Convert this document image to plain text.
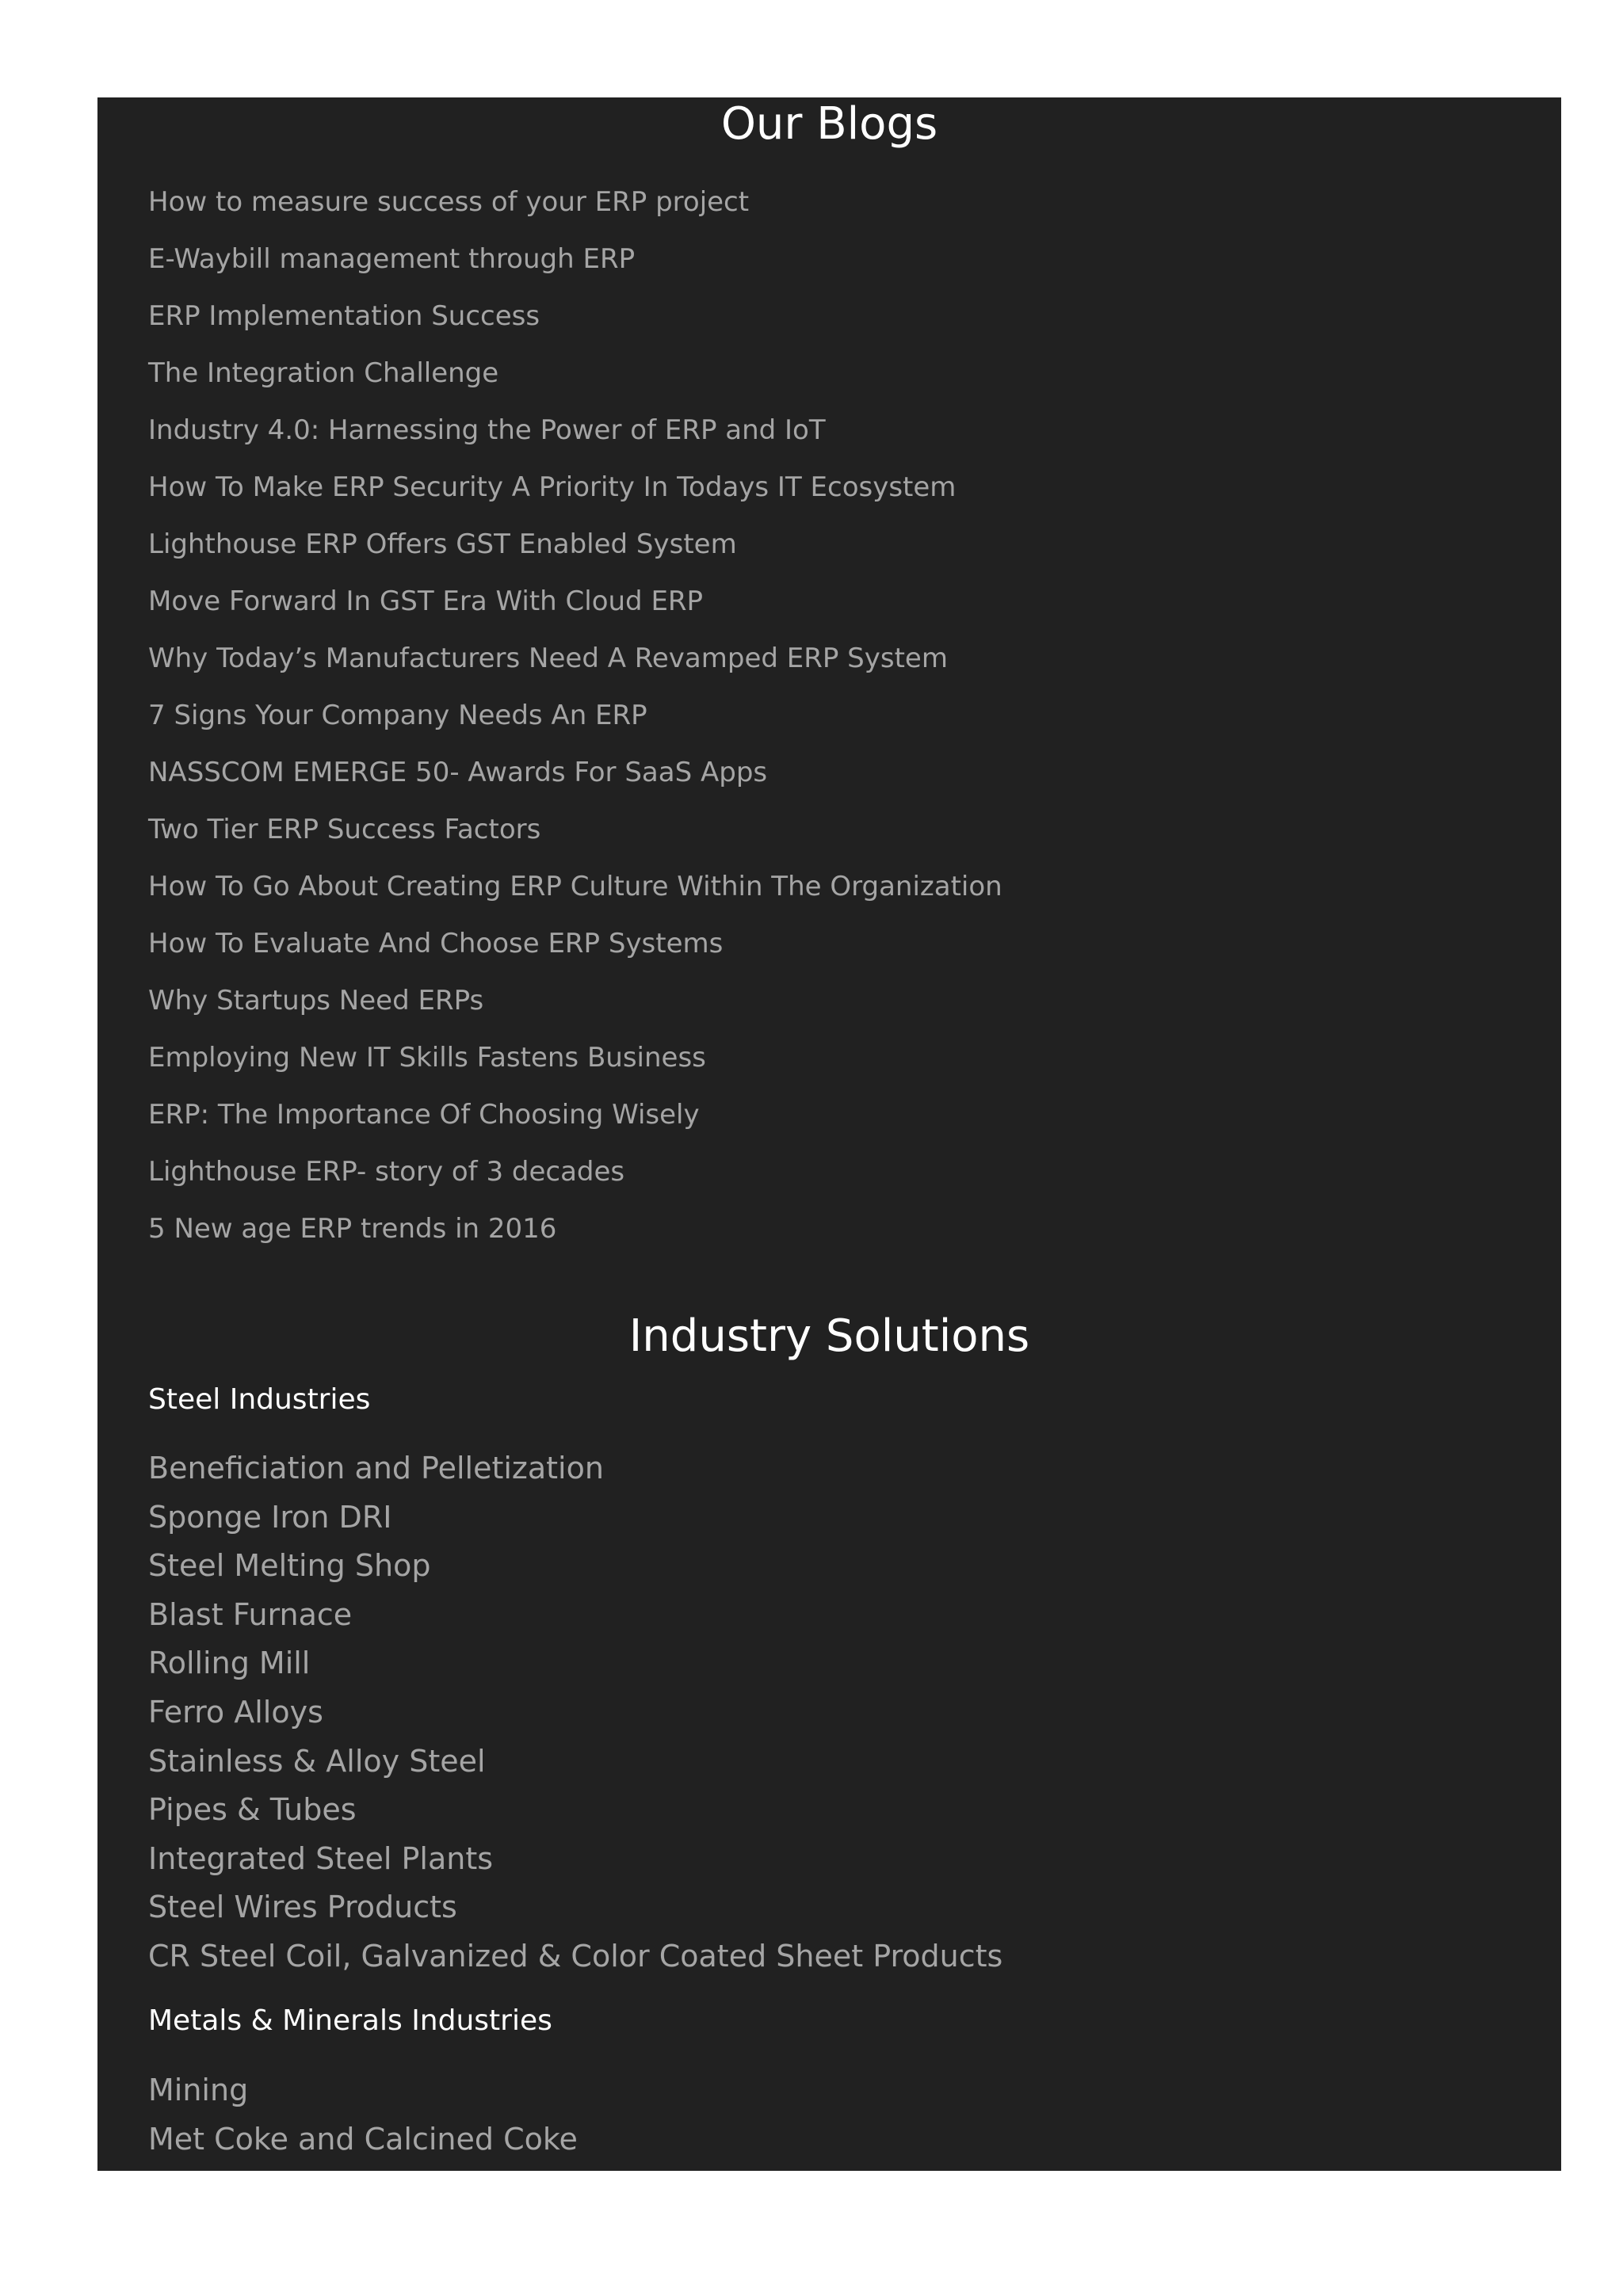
Our Blogs
How to measure success of your ERP project
E-Waybill management through ERP
ERP Implementation Success
The Integration Challenge
Industry 4.0: Harnessing the Power of ERP and IoT
How To Make ERP Security A Priority In Todays IT Ecosystem
Lighthouse ERP Offers GST Enabled System
Move Forward In GST Era With Cloud ERP
Why Today’s Manufacturers Need A Revamped ERP System
7 Signs Your Company Needs An ERP
NASSCOM EMERGE 50- Awards For SaaS Apps
Two Tier ERP Success Factors
How To Go About Creating ERP Culture Within The Organization
How To Evaluate And Choose ERP Systems
Why Startups Need ERPs
Employing New IT Skills Fastens Business
ERP: The Importance Of Choosing Wisely
Lighthouse ERP- story of 3 decades
5 New age ERP trends in 2016
Industry Solutions
Steel Industries
Beneficiation and Pelletization
Sponge Iron DRI
Steel Melting Shop
Blast Furnace
Rolling Mill
Ferro Alloys
Stainless & Alloy Steel
Pipes & Tubes
Integrated Steel Plants
Steel Wires Products
CR Steel Coil, Galvanized & Color Coated Sheet Products
Metals & Minerals Industries
Mining
Met Coke and Calcined Coke
